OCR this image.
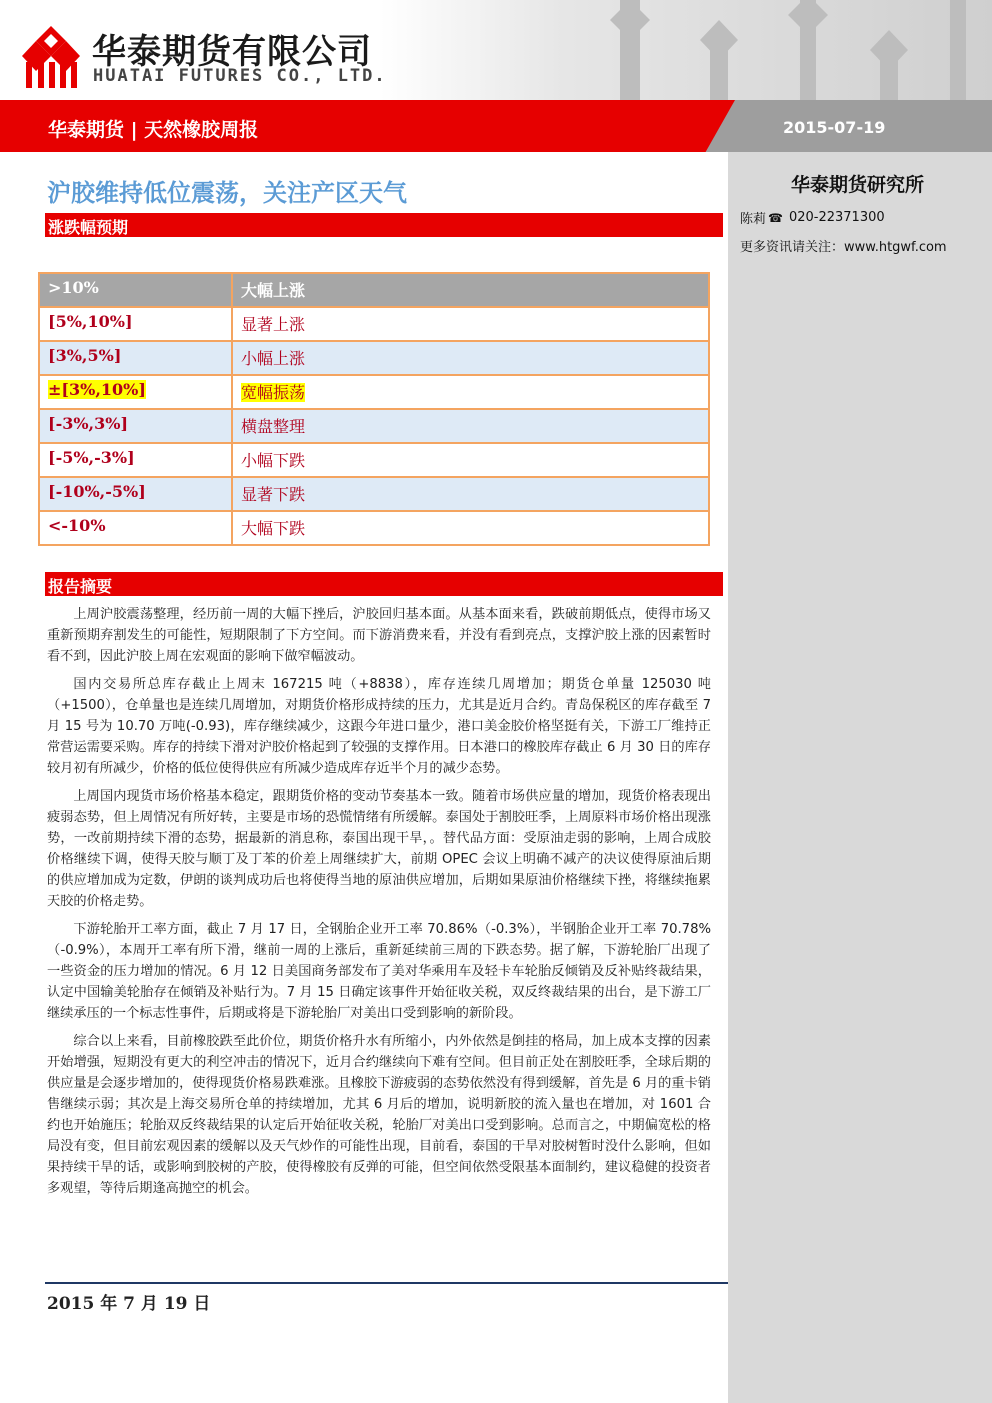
华泰期货有限公司
HUATAI FUTURES CO., LTD.
华泰期货 | 天然橡胶周报	2015-07-19
华泰期货研究所
陈莉 ☎ 020-22371300
更多资讯请关注：www.htgwf.com
沪胶维持低位震荡，关注产区天气
涨跌幅预期
>10%	大幅上涨
[5%,10%]	显著上涨
[3%,5%]	小幅上涨
±[3%,10%]	宽幅振荡
[-3%,3%]	横盘整理
[-5%,-3%]	小幅下跌
[-10%,-5%]	显著下跌
<-10%	大幅下跌
报告摘要

上周沪胶震荡整理，经历前一周的大幅下挫后，沪胶回归基本面。从基本面来看，跌破前期低点，使得市场又重新预期弃割发生的可能性，短期限制了下方空间。而下游消费来看，并没有看到亮点，支撑沪胶上涨的因素暂时看不到，因此沪胶上周在宏观面的影响下做窄幅波动。

国内交易所总库存截止上周末 167215 吨（+8838），库存连续几周增加；期货仓单量 125030 吨（+1500），仓单量也是连续几周增加，对期货价格形成持续的压力，尤其是近月合约。青岛保税区的库存截至 7 月 15 号为 10.70 万吨(-0.93)，库存继续减少，这跟今年进口量少，港口美金胶价格坚挺有关，下游工厂维持正常营运需要采购。库存的持续下滑对沪胶价格起到了较强的支撑作用。日本港口的橡胶库存截止 6 月 30 日的库存较月初有所减少，价格的低位使得供应有所减少造成库存近半个月的减少态势。

上周国内现货市场价格基本稳定，跟期货价格的变动节奏基本一致。随着市场供应量的增加，现货价格表现出疲弱态势，但上周情况有所好转，主要是市场的恐慌情绪有所缓解。泰国处于割胶旺季，上周原料市场价格出现涨势，一改前期持续下滑的态势，据最新的消息称，泰国出现干旱，。替代品方面：受原油走弱的影响，上周合成胶价格继续下调，使得天胶与顺丁及丁苯的价差上周继续扩大，前期 OPEC 会议上明确不减产的决议使得原油后期的供应增加成为定数，伊朗的谈判成功后也将使得当地的原油供应增加，后期如果原油价格继续下挫，将继续拖累天胶的价格走势。

下游轮胎开工率方面，截止 7 月 17 日，全钢胎企业开工率 70.86%（-0.3%），半钢胎企业开工率 70.78%（-0.9%），本周开工率有所下滑，继前一周的上涨后，重新延续前三周的下跌态势。据了解，下游轮胎厂出现了一些资金的压力增加的情况。6 月 12 日美国商务部发布了美对华乘用车及轻卡车轮胎反倾销及反补贴终裁结果，认定中国输美轮胎存在倾销及补贴行为。7 月 15 日确定该事件开始征收关税，双反终裁结果的出台，是下游工厂继续承压的一个标志性事件，后期或将是下游轮胎厂对美出口受到影响的新阶段。

综合以上来看，目前橡胶跌至此价位，期货价格升水有所缩小，内外依然是倒挂的格局，加上成本支撑的因素开始增强，短期没有更大的利空冲击的情况下，近月合约继续向下难有空间。但目前正处在割胶旺季，全球后期的供应量是会逐步增加的，使得现货价格易跌难涨。且橡胶下游疲弱的态势依然没有得到缓解，首先是 6 月的重卡销售继续示弱；其次是上海交易所仓单的持续增加，尤其 6 月后的增加，说明新胶的流入量也在增加，对 1601 合约也开始施压；轮胎双反终裁结果的认定后开始征收关税，轮胎厂对美出口受到影响。总而言之，中期偏宽松的格局没有变，但目前宏观因素的缓解以及天气炒作的可能性出现，目前看，泰国的干旱对胶树暂时没什么影响，但如果持续干旱的话，或影响到胶树的产胶，使得橡胶有反弹的可能，但空间依然受限基本面制约，建议稳健的投资者多观望，等待后期逢高抛空的机会。

2015 年 7 月 19 日
